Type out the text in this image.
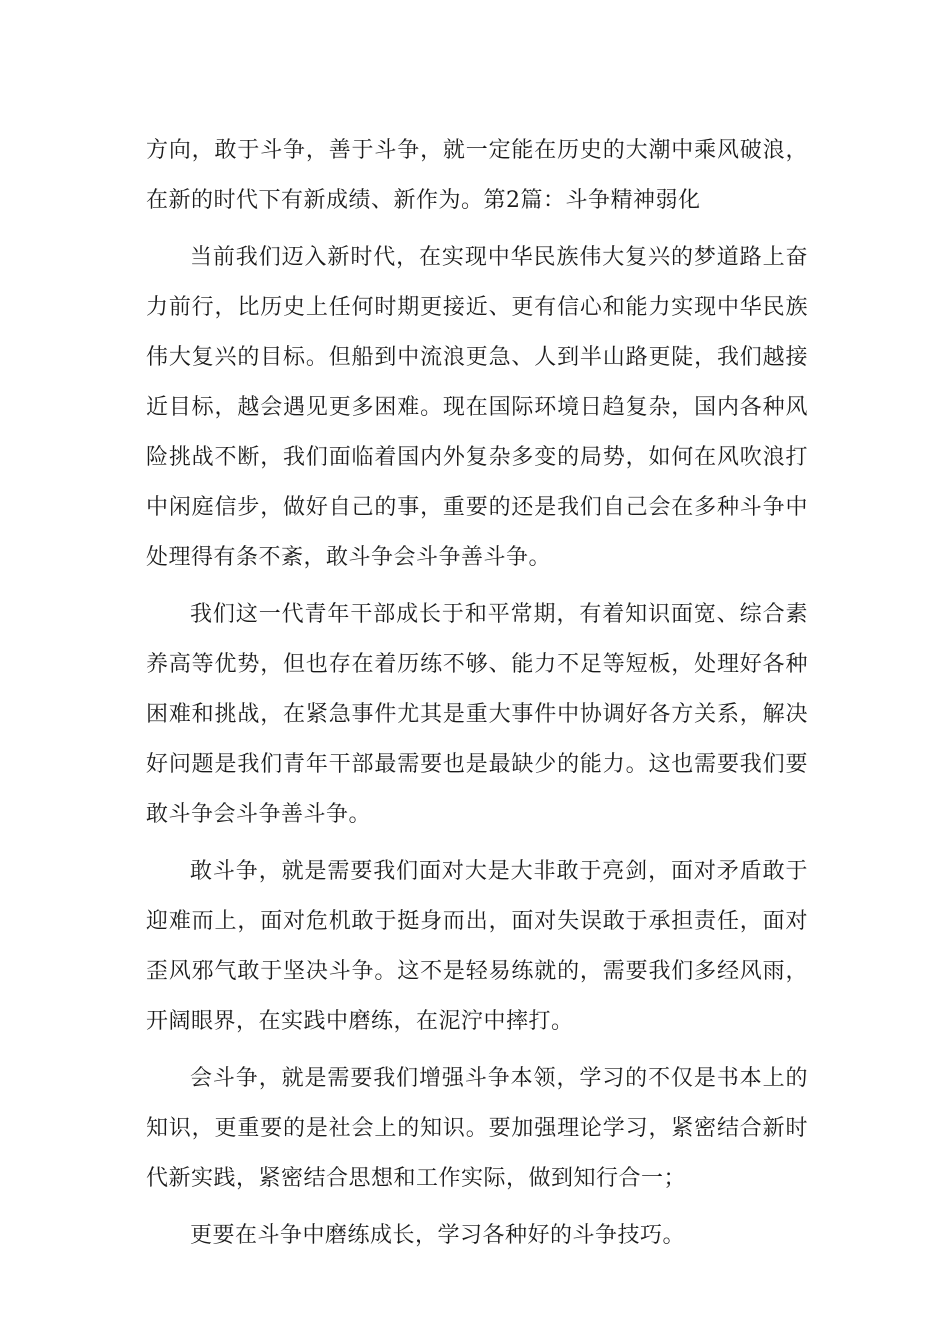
方向，敢于斗争，善于斗争，就一定能在历史的大潮中乘风破浪，
在新的时代下有新成绩、新作为。第2篇：斗争精神弱化
当前我们迈入新时代，在实现中华民族伟大复兴的梦道路上奋
力前行，比历史上任何时期更接近、更有信心和能力实现中华民族
伟大复兴的目标。但船到中流浪更急、人到半山路更陡，我们越接
近目标，越会遇见更多困难。现在国际环境日趋复杂，国内各种风
险挑战不断，我们面临着国内外复杂多变的局势，如何在风吹浪打
中闲庭信步，做好自己的事，重要的还是我们自己会在多种斗争中
处理得有条不紊，敢斗争会斗争善斗争。
我们这一代青年干部成长于和平常期，有着知识面宽、综合素
养高等优势，但也存在着历练不够、能力不足等短板，处理好各种
困难和挑战，在紧急事件尤其是重大事件中协调好各方关系，解决
好问题是我们青年干部最需要也是最缺少的能力。这也需要我们要
敢斗争会斗争善斗争。
敢斗争，就是需要我们面对大是大非敢于亮剑，面对矛盾敢于
迎难而上，面对危机敢于挺身而出，面对失误敢于承担责任，面对
歪风邪气敢于坚决斗争。这不是轻易练就的，需要我们多经风雨，
开阔眼界，在实践中磨练，在泥泞中摔打。
会斗争，就是需要我们增强斗争本领，学习的不仅是书本上的
知识，更重要的是社会上的知识。要加强理论学习，紧密结合新时
代新实践，紧密结合思想和工作实际，做到知行合一；
更要在斗争中磨练成长，学习各种好的斗争技巧。
